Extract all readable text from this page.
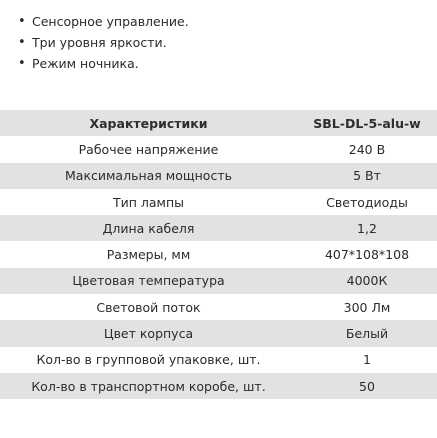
• Сенсорное управление.
• Три уровня яркости.
• Режим ночника.
Характеристики	SBL-DL-5-alu-w
Рабочее напряжение	240 В
Максимальная мощность	5 Вт
Тип лампы	Светодиоды
Длина кабеля	1,2
Размеры, мм	407*108*108
Цветовая температура	4000К
Световой поток	300 Лм
Цвет корпуса	Белый
Кол-во в групповой упаковке, шт.	1
Кол-во в транспортном коробе, шт.	50
